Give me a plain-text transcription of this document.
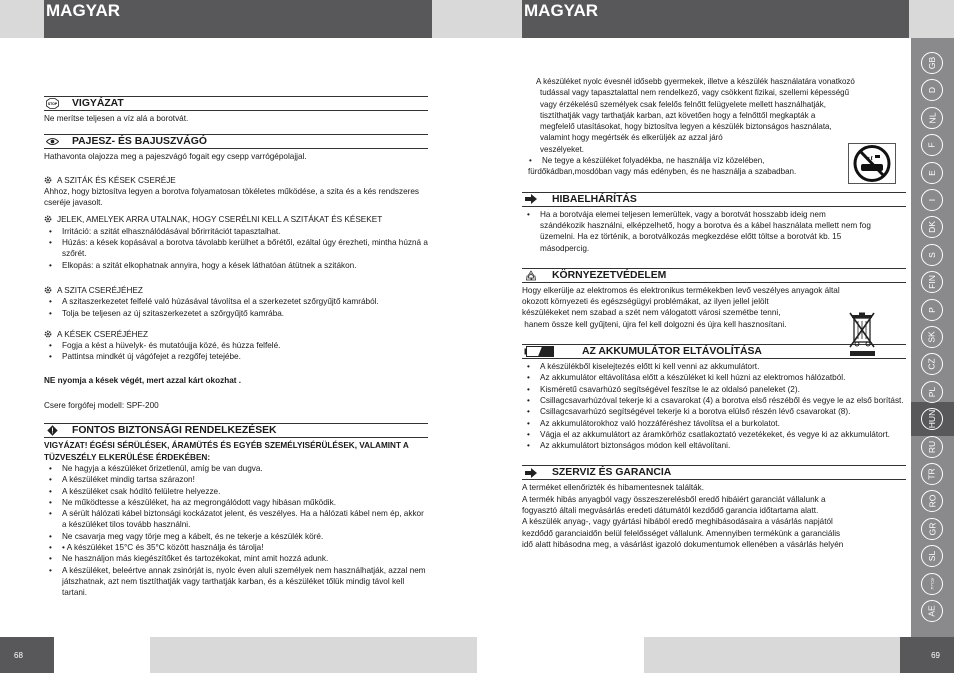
MAGYAR
STOP VIGYÁZAT
Ne merítse teljesen a víz alá a borotvát.
PAJESZ- ÉS BAJUSZVÁGÓ
Hathavonta olajozza meg a pajeszvágó fogait egy csepp varrógépolajjal.
A SZITÁK ÉS KÉSEK CSERÉJE
Ahhoz, hogy biztosítva legyen a borotva folyamatosan tökéletes működése, a szita és a kés rendszeres cseréje javasolt.
JELEK, AMELYEK ARRA UTALNAK, HOGY CSERÉLNI KELL A SZITÁKAT ÉS KÉSEKET
• Irritáció: a szitát elhasználódásával bőrirritációt tapasztalhat.
• Húzás: a kések kopásával a borotva távolabb kerülhet a bőrétől, ezáltal úgy érezheti, mintha húzná a szőrét.
• Elkopás: a szitát elkophatnak annyira, hogy a kések láthatóan átütnek a szitákon.
A SZITA CSERÉJÉHEZ
• A szitaszerkezetet felfelé való húzásával távolítsa el a szerkezetet szőrgyűjtő kamrából.
• Tolja be teljesen az új szitaszerkezetet a szőrgyűjtő kamrába.
A KÉSEK CSERÉJÉHEZ
• Fogja a kést a hüvelyk- és mutatóujja közé, és húzza felfelé.
• Pattintsa mindkét új vágófejet a rezgőfej tetejébe.
NE nyomja a kések végét, mert azzal kárt okozhat .
Csere forgófej modell: SPF-200
FONTOS BIZTONSÁGI RENDELKEZÉSEK
VIGYÁZAT! ÉGÉSI SÉRÜLÉSEK, ÁRAMÜTÉS ÉS EGYÉB SZEMÉLYISÉRÜLÉSEK, VALAMINT A TÜZVESZÉLY ELKERÜLÉSE ÉRDEKÉBEN:
• Ne hagyja a készüléket őrizetlenül, amíg be van dugva.
• A készüléket mindig tartsa szárazon!
• A készüléket csak hódító felületre helyezze.
• Ne működtesse a készüléket, ha az megrongálódott vagy hibásan működik.
• A sérült hálózati kábel biztonsági kockázatot jelent, és veszélyes. Ha a hálózati kábel nem ép, akkor a készüléket tilos tovább használni.
• Ne csavarja meg vagy törje meg a kábelt, és ne tekerje a készülék köré.
• • A készüléket 15°C és 35°C között használja és tárolja!
• Ne használjon más kiegészítőket és tartozékokat, mint amit hozzá adunk.
• A készüléket, beleértve annak zsinórját is, nyolc éven aluli személyek nem használhatják, azzal nem játszhatnak, azt nem tisztíthatják vagy tarthatják karban, és a készüléket tőlük mindig távol kell tartani.
68
MAGYAR
A készüléket nyolc évesnél idősebb gyermekek, illetve a készülék használatára vonatkozó
tudással vagy tapasztalattal nem rendelkező, vagy csökkent fizikai, szellemi képességű
vagy érzékelésű személyek csak felelős felnőtt felügyelete mellett használhatják,
tisztíthatják vagy tarthatják karban, azt követően hogy a felnőttől megkapták a
megfelelő utasításokat, hogy biztosítva legyen a készülék biztonságos használata,
valamint hogy megértsék és elkerüljék az azzal járó
veszélyeket.
• Ne tegye a készüléket folyadékba, ne használja víz közelében,
fürdőkádban,mosdóban vagy más edényben, és ne használja a szabadban.
HIBAELHÁRÍTÁS
• Ha a borotvája elemei teljesen lemerültek, vagy a borotvát hosszabb ideig nem
szándékozik használni, elképzelhető, hogy a borotva és a kábel használata mellett nem fog
üzemelni. Ha ez történik, a borotválkozás megkezdése előtt töltse a borotvát kb. 15
másodpercig.
KÖRNYEZETVÉDELEM
Hogy elkerülje az elektromos és elektronikus termékekben levő veszélyes anyagok által
okozott környezeti és egészségügyi problémákat, az ilyen jellel jelölt
készülékeket nem szabad a szét nem válogatott városi szemétbe tenni,
hanem össze kell gyűjteni, újra fel kell dolgozni és újra kell hasznosítani.
AZ AKKUMULÁTOR ELTÁVOLÍTÁSA
• A készülékből kiselejtezés előtt ki kell venni az akkumulátort.
• Az akkumulátor eltávolítása előtt a készüléket ki kell húzni az elektromos hálózatból.
• Kisméretű csavarhúzó segítségével feszítse le az oldalsó paneleket (2).
• Csillagcsavarhúzóval tekerje ki a csavarokat (4) a borotva első részéből és vegye le az első borítást.
• Csillagcsavarhúzó segítségével tekerje ki a borotva elülső részén lévő csavarokat (8).
• Az akkumulátorokhoz való hozzáféréshez távolítsa el a burkolatot.
• Vágja el az akkumulátort az áramkörhöz csatlakoztató vezetékeket, és vegye ki az akkumulátort.
• Az akkumulátort biztonságos módon kell eltávolítani.
SZERVIZ ÉS GARANCIA
A terméket ellenőrizték és hibamentesnek találták.
A termék hibás anyagból vagy összeszerelésből eredő hibáiért garanciát vállalunk a
fogyasztó általi megvásárlás eredeti dátumától kezdődő garancia időtartama alatt.
A készülék anyag-, vagy gyártási hibából eredő meghibásodásaira a vásárlás napjától
kezdődő garanciaidőn belül felelősséget vállalunk. Amennyiben termékünk a garanciális
idő alatt hibásodna meg, a vásárlást igazoló dokumentumok ellenében a vásárlás helyén
69
GB
D
NL
F
E
I
DK
S
FIN
P
SK
CZ
PL
HUN
RU
TR
RO
GR
SL
AE
עברית
